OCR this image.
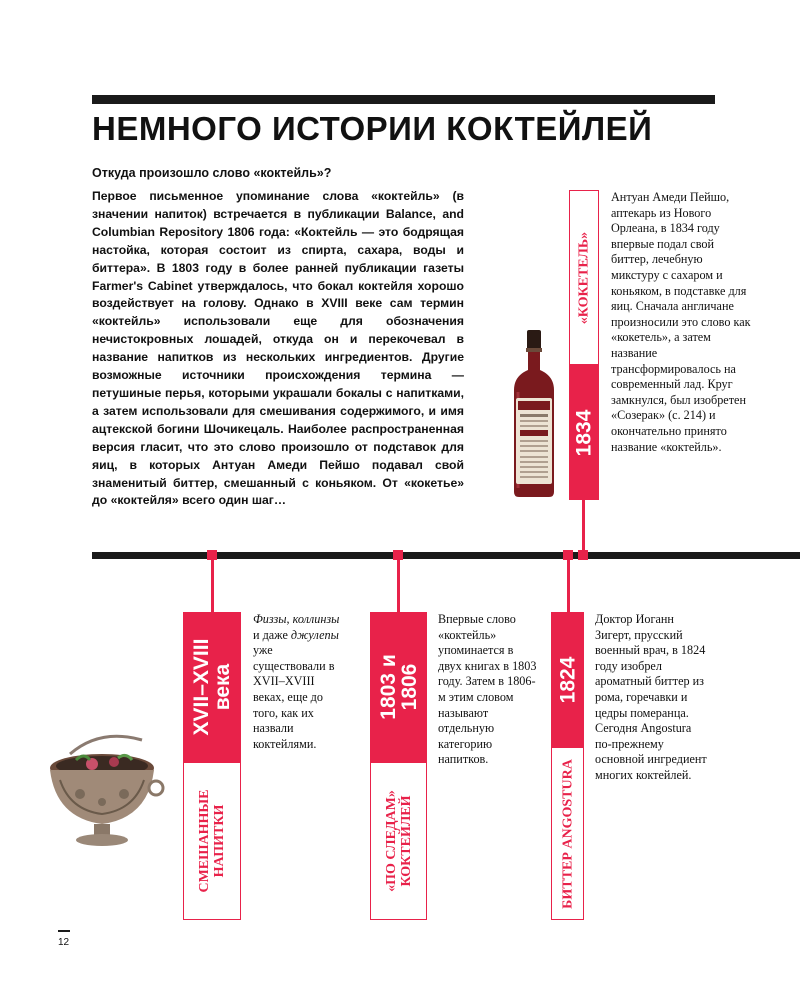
НЕМНОГО ИСТОРИИ КОКТЕЙЛЕЙ
Откуда произошло слово «коктейль»?

Первое письменное упоминание слова «коктейль» (в значении напиток) встречается в публикации Balance, and Columbian Repository 1806 года: «Коктейль — это бодрящая настойка, которая состоит из спирта, сахара, воды и биттера». В 1803 году в более ранней публикации газеты Farmer's Cabinet утверждалось, что бокал коктейля хорошо воздействует на голову. Однако в XVIII веке сам термин «коктейль» использовали еще для обозначения нечистокровных лошадей, откуда он и перекочевал в название напитков из нескольких ингредиентов. Другие возможные источники происхождения термина — петушиные перья, которыми украшали бокалы с напитками, а затем использовали для смешивания содержимого, и имя ацтекской богини Шочикецаль. Наиболее распространенная версия гласит, что это слово произошло от подставок для яиц, в которых Антуан Амеди Пейшо подавал свой знаменитый биттер, смешанный с коньяком. От «кокетье» до «коктейля» всего один шаг…

«КОКЕТЕЛЬ»
1834
Антуан Амеди Пейшо, аптекарь из Нового Орлеана, в 1834 году впервые подал свой биттер, лечебную микстуру с сахаром и коньяком, в подставке для яиц. Сначала англичане произносили это слово как «кокетель», а затем название трансформировалось на современный лад. Круг замкнулся, был изобретен «Созерак» (с. 214) и окончательно принято название «коктейль».
XVII–XVIII века
СМЕШАННЫЕ НАПИТКИ
Физзы, коллинзы и даже джулепы уже существовали в XVII–XVIII веках, еще до того, как их назвали коктейлями.
1803 и 1806
«ПО СЛЕДАМ» КОКТЕЙЛЕЙ
Впервые слово «коктейль» упоминается в двух книгах в 1803 году. Затем в 1806-м этим словом называют отдельную категорию напитков.
1824
БИТТЕР ANGOSTURA
Доктор Иоганн Зигерт, прусский военный врач, в 1824 году изобрел ароматный биттер из рома, горечавки и цедры померанца. Сегодня Angostura по-прежнему основной ингредиент многих коктейлей.
12
